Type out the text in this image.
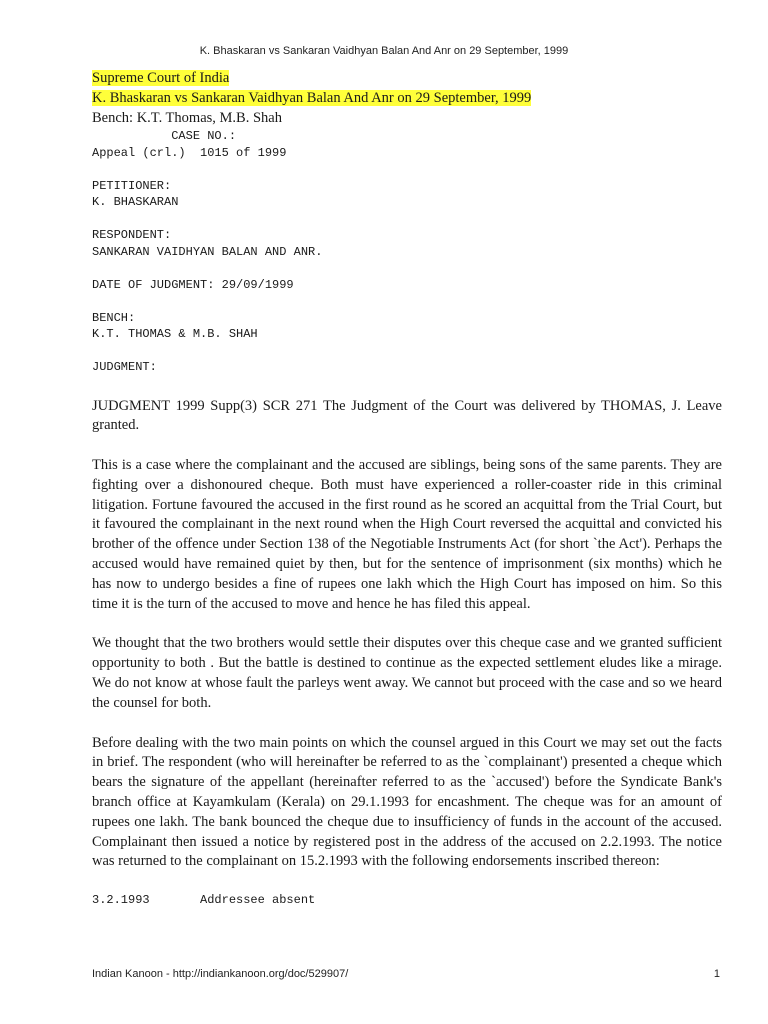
K. Bhaskaran vs Sankaran Vaidhyan Balan And Anr on 29 September, 1999
Supreme Court of India
K. Bhaskaran vs Sankaran Vaidhyan Balan And Anr on 29 September, 1999
Bench: K.T. Thomas, M.B. Shah
CASE NO.:
Appeal (crl.)  1015 of 1999
PETITIONER:
K. BHASKARAN
RESPONDENT:
SANKARAN VAIDHYAN BALAN AND ANR.
DATE OF JUDGMENT: 29/09/1999
BENCH:
K.T. THOMAS & M.B. SHAH
JUDGMENT:

JUDGMENT 1999 Supp(3) SCR 271 The Judgment of the Court was delivered by THOMAS, J. Leave granted.

This is a case where the complainant and the accused are siblings, being sons of the same parents. They are fighting over a dishonoured cheque. Both must have experienced a roller-coaster ride in this criminal litigation. Fortune favoured the accused in the first round as he scored an acquittal from the Trial Court, but it favoured the complainant in the next round when the High Court reversed the acquittal and convicted his brother of the offence under Section 138 of the Negotiable Instruments Act (for short `the Act'). Perhaps the accused would have remained quiet by then, but for the sentence of imprisonment (six months) which he has now to undergo besides a fine of rupees one lakh which the High Court has imposed on him. So this time it is the turn of the accused to move and hence he has filed this appeal.

We thought that the two brothers would settle their disputes over this cheque case and we granted sufficient opportunity to both . But the battle is destined to continue as the expected settlement eludes like a mirage. We do not know at whose fault the parleys went away. We cannot but proceed with the case and so we heard the counsel for both.

Before dealing with the two main points on which the counsel argued in this Court we may set out the facts in brief. The respondent (who will hereinafter be referred to as the `complainant') presented a cheque which bears the signature of the appellant (hereinafter referred to as the `accused') before the Syndicate Bank's branch office at Kayamkulam (Kerala) on 29.1.1993 for encashment. The cheque was for an amount of rupees one lakh. The bank bounced the cheque due to insufficiency of funds in the account of the accused. Complainant then issued a notice by registered post in the address of the accused on 2.2.1993. The notice was returned to the complainant on 15.2.1993 with the following endorsements inscribed thereon:

3.2.1993       Addressee absent
Indian Kanoon - http://indiankanoon.org/doc/529907/	1
